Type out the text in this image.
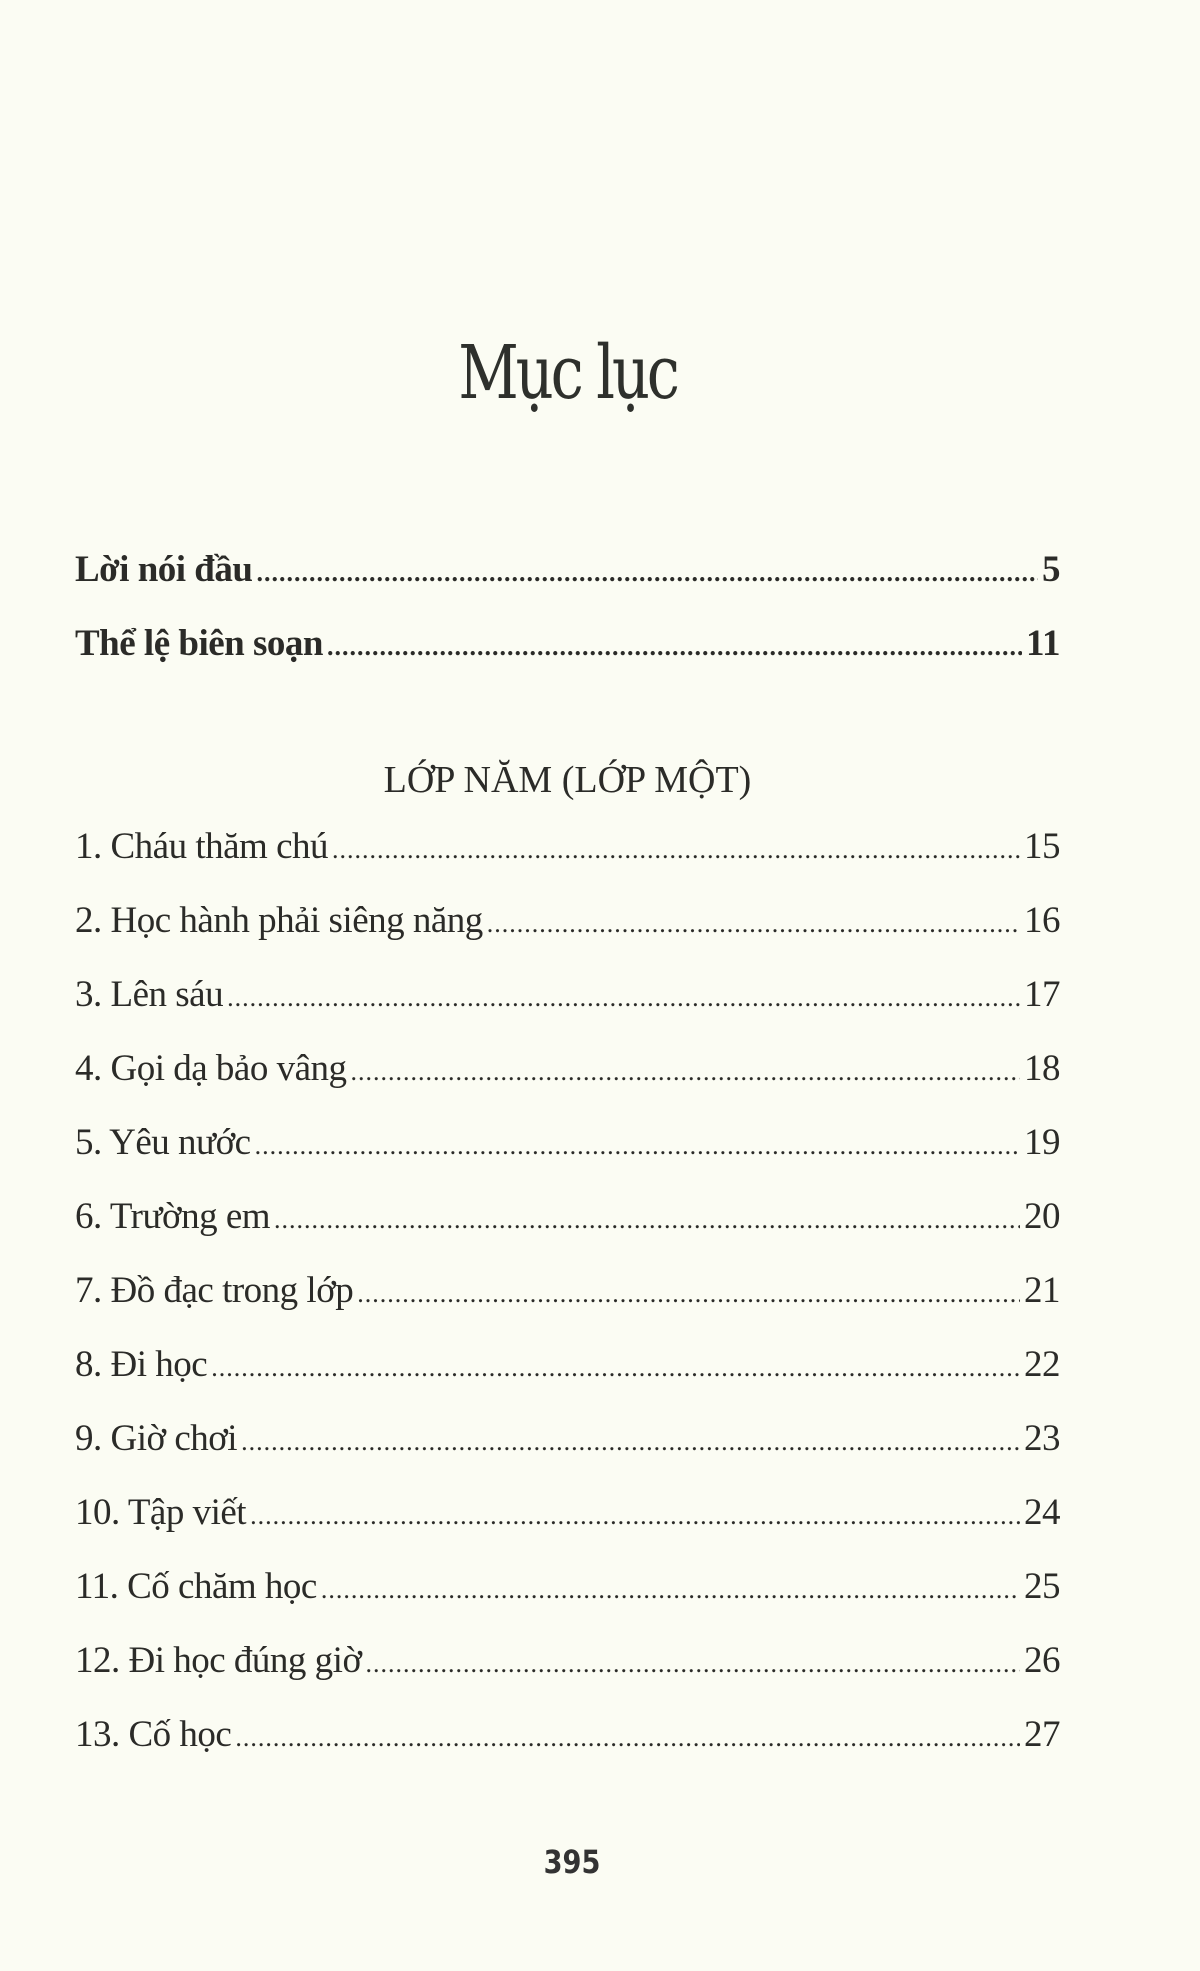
Mục lục
Lời nói đầu .....	5
Thể lệ biên soạn .....	11
LỚP NĂM (LỚP MỘT)
1. Cháu thăm chú .....	15
2. Học hành phải siêng năng .....	16
3. Lên sáu .....	17
4. Gọi dạ bảo vâng .....	18
5. Yêu nước .....	19
6. Trường em .....	20
7. Đồ đạc trong lớp .....	21
8. Đi học .....	22
9. Giờ chơi .....	23
10. Tập viết .....	24
11. Cố chăm học .....	25
12. Đi học đúng giờ .....	26
13. Cố học .....	27
395
